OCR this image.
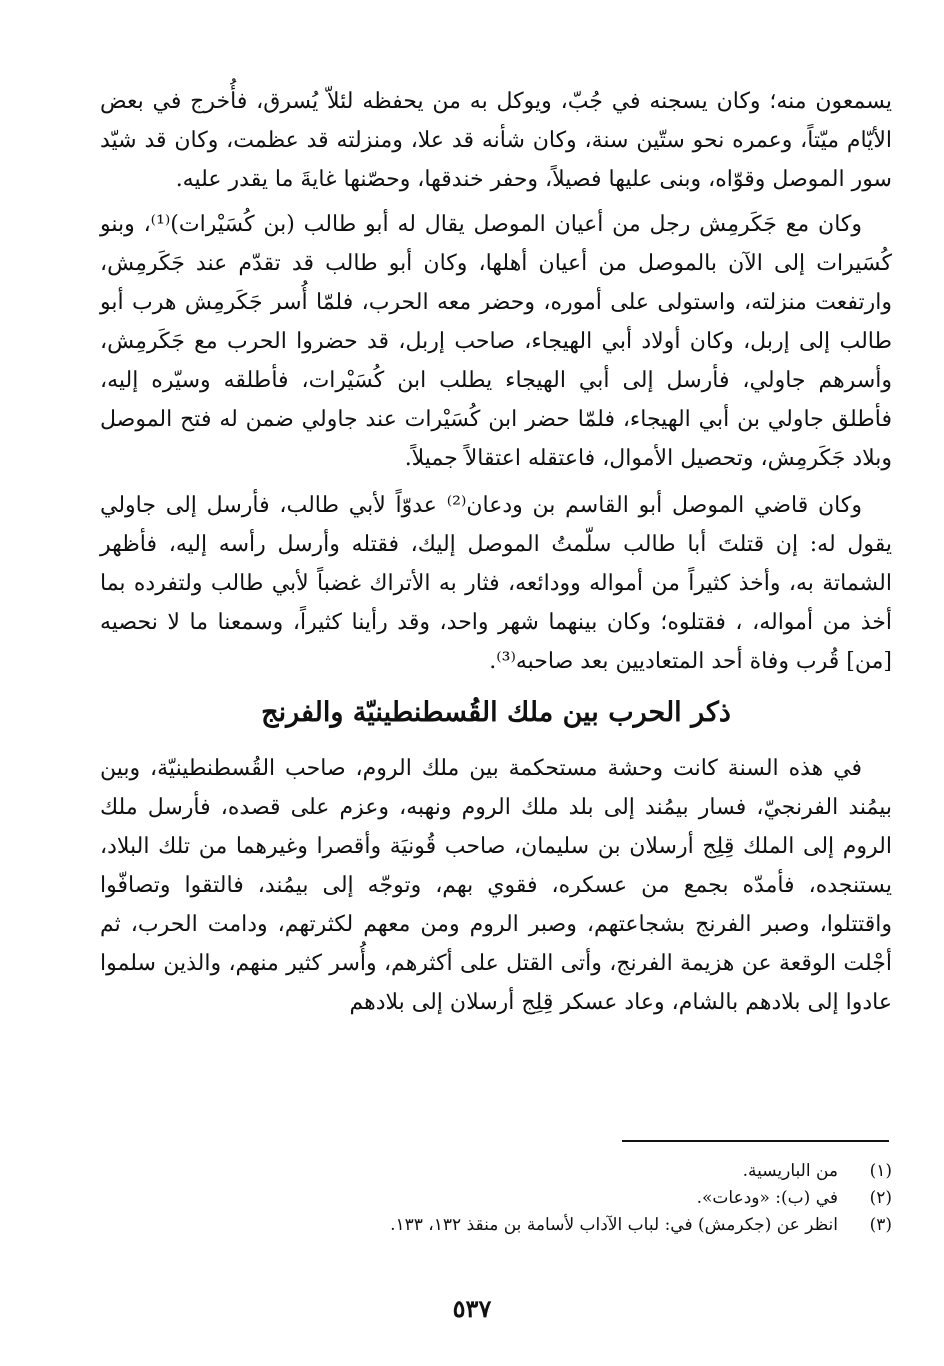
يسمعون منه؛ وكان يسجنه في جُبّ، ويوكل به من يحفظه لئلاّ يُسرق، فأُخرج في بعض الأيّام ميّتاً، وعمره نحو ستّين سنة، وكان شأنه قد علا، ومنزلته قد عظمت، وكان قد شيّد سور الموصل وقوّاه، وبنى عليها فصيلاً، وحفر خندقها، وحصّنها غايةَ ما يقدر عليه.

وكان مع جَكَرمِش رجل من أعيان الموصل يقال له أبو طالب (بن كُسَيْرات)⁽¹⁾، وبنو كُسَيرات إلى الآن بالموصل من أعيان أهلها، وكان أبو طالب قد تقدّم عند جَكَرمِش، وارتفعت منزلته، واستولى على أموره، وحضر معه الحرب، فلمّا أُسر جَكَرمِش هرب أبو طالب إلى إربل، وكان أولاد أبي الهيجاء، صاحب إربل، قد حضروا الحرب مع جَكَرمِش، وأسرهم جاولي، فأرسل إلى أبي الهيجاء يطلب ابن كُسَيْرات، فأطلقه وسيّره إليه، فأطلق جاولي بن أبي الهيجاء، فلمّا حضر ابن كُسَيْرات عند جاولي ضمن له فتح الموصل وبلاد جَكَرمِش، وتحصيل الأموال، فاعتقله اعتقالاً جميلاً.

وكان قاضي الموصل أبو القاسم بن ودعان⁽²⁾ عدوّاً لأبي طالب، فأرسل إلى جاولي يقول له: إن قتلتَ أبا طالب سلّمتُ الموصل إليك، فقتله وأرسل رأسه إليه، فأظهر الشماتة به، وأخذ كثيراً من أمواله وودائعه، فثار به الأتراك غضباً لأبي طالب ولتفرده بما أخذ من أمواله، ، فقتلوه؛ وكان بينهما شهر واحد، وقد رأينا كثيراً، وسمعنا ما لا نحصيه [من] قُرب وفاة أحد المتعاديين بعد صاحبه⁽³⁾.

ذكر الحرب بين ملك القُسطنطينيّة والفرنج

في هذه السنة كانت وحشة مستحكمة بين ملك الروم، صاحب القُسطنطينيّة، وبين بيمُند الفرنجيّ، فسار بيمُند إلى بلد ملك الروم ونهبه، وعزم على قصده، فأرسل ملك الروم إلى الملك قِلِج أرسلان بن سليمان، صاحب قُونيَة وأقصرا وغيرهما من تلك البلاد، يستنجده، فأمدّه بجمع من عسكره، فقوي بهم، وتوجّه إلى بيمُند، فالتقوا وتصافّوا واقتتلوا، وصبر الفرنج بشجاعتهم، وصبر الروم ومن معهم لكثرتهم، ودامت الحرب، ثم أجْلت الوقعة عن هزيمة الفرنج، وأتى القتل على أكثرهم، وأُسر كثير منهم، والذين سلموا عادوا إلى بلادهم بالشام، وعاد عسكر قِلِج أرسلان إلى بلادهم

(١)
من الباريسية.
(٢)
في (ب): «ودعات».
(٣)
انظر عن (جكرمش) في: لباب الآداب لأسامة بن منقذ ١٣٢، ١٣٣.
٥٣٧
